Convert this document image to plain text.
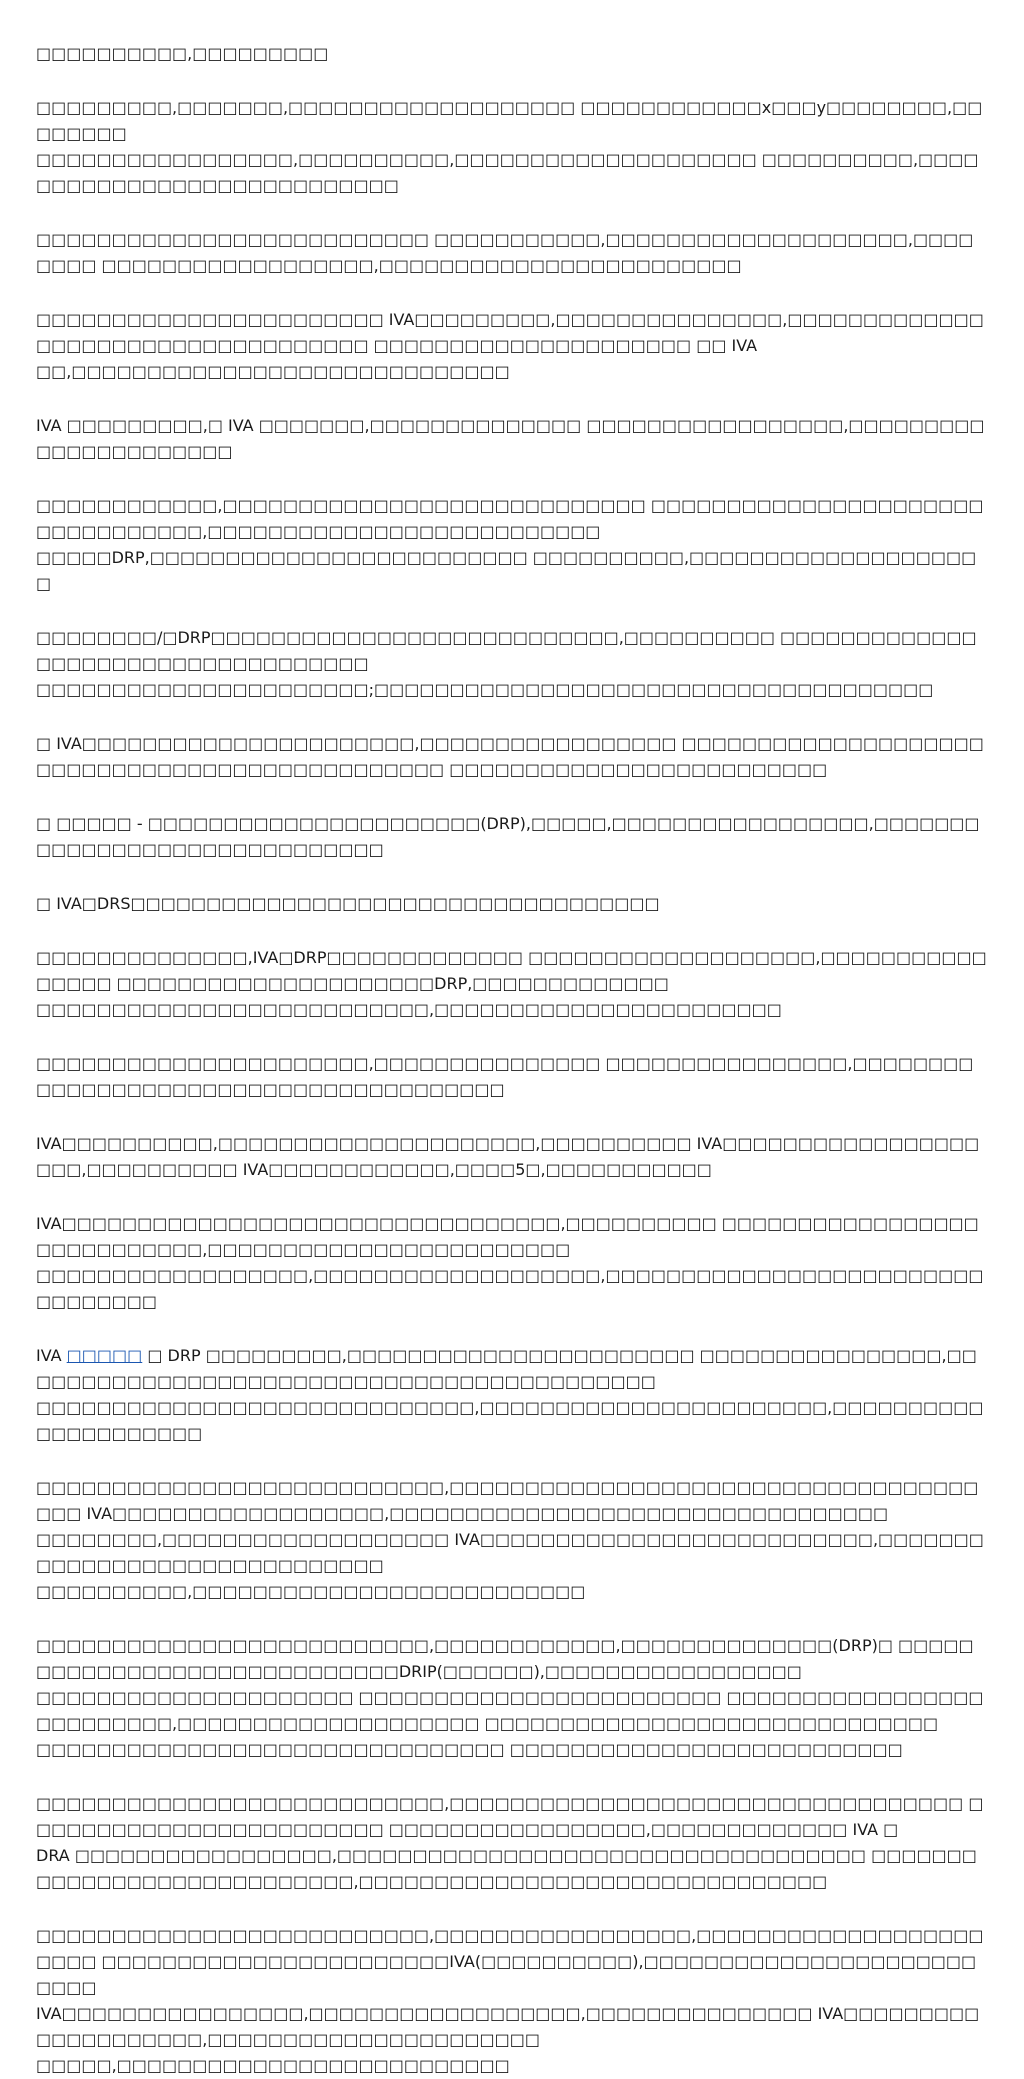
□□□□□□□□□□,□□□□□□□□□

□□□□□□□□□,□□□□□□□,□□□□□□□□□□□□□□□□□□□ □□□□□□□□□□□□x□□□y□□□□□□□□,□□□□□□□□
□□□□□□□□□□□□□□□□□,□□□□□□□□□□,□□□□□□□□□□□□□□□□□□□□ □□□□□□□□□□,□□□□□□□□□□□□□□□□□□□□□□□□□□□□

□□□□□□□□□□□□□□□□□□□□□□□□□□ □□□□□□□□□□□,□□□□□□□□□□□□□□□□□□□□,□□□□□□□□ □□□□□□□□□□□□□□□□□□,□□□□□□□□□□□□□□□□□□□□□□□□

□□□□□□□□□□□□□□□□□□□□□□□ IVA□□□□□□□□□,□□□□□□□□□□□□□□□,□□□□□□□□□□□□□□□□□□□□□□□□□□□□□□□□□□□ □□□□□□□□□□□□□□□□□□□□□ □□ IVA
□□,□□□□□□□□□□□□□□□□□□□□□□□□□□□□□

IVA □□□□□□□□□,□ IVA □□□□□□□,□□□□□□□□□□□□□□ □□□□□□□□□□□□□□□□□,□□□□□□□□□□□□□□□□□□□□□□

□□□□□□□□□□□□,□□□□□□□□□□□□□□□□□□□□□□□□□□□□ □□□□□□□□□□□□□□□□□□□□□□□□□□□□□□□□□,□□□□□□□□□□□□□□□□□□□□□□□□□□
□□□□□DRP,□□□□□□□□□□□□□□□□□□□□□□□□□ □□□□□□□□□□,□□□□□□□□□□□□□□□□□□□□

□□□□□□□□/□DRP□□□□□□□□□□□□□□□□□□□□□□□□□□□,□□□□□□□□□□ □□□□□□□□□□□□□□□□□□□□□□□□□□□□□□□□□□□
□□□□□□□□□□□□□□□□□□□□□□;□□□□□□□□□□□□□□□□□□□□□□□□□□□□□□□□□□□□□

□ IVA□□□□□□□□□□□□□□□□□□□□□□,□□□□□□□□□□□□□□□□□ □□□□□□□□□□□□□□□□□□□□□□□□□□□□□□□□□□□□□□□□□□□□□□□ □□□□□□□□□□□□□□□□□□□□□□□□□

□ □□□□□ - □□□□□□□□□□□□□□□□□□□□□□(DRP),□□□□□,□□□□□□□□□□□□□□□□□,□□□□□□□□□□□□□□□□□□□□□□□□□□□□□□

□ IVA□DRS□□□□□□□□□□□□□□□□□□□□□□□□□□□□□□□□□□□

□□□□□□□□□□□□□□,IVA□DRP□□□□□□□□□□□□□ □□□□□□□□□□□□□□□□□□□,□□□□□□□□□□□□□□□□ □□□□□□□□□□□□□□□□□□□□□DRP,□□□□□□□□□□□□□
□□□□□□□□□□□□□□□□□□□□□□□□□□,□□□□□□□□□□□□□□□□□□□□□□□

□□□□□□□□□□□□□□□□□□□□□□,□□□□□□□□□□□□□□□ □□□□□□□□□□□□□□□□,□□□□□□□□□□□□□□□□□□□□□□□□□□□□□□□□□□□□□□□

IVA□□□□□□□□□□,□□□□□□□□□□□□□□□□□□□□□,□□□□□□□□□□ IVA□□□□□□□□□□□□□□□□□□□□,□□□□□□□□□□ IVA□□□□□□□□□□□□,□□□□5□,□□□□□□□□□□□

IVA□□□□□□□□□□□□□□□□□□□□□□□□□□□□□□□□□,□□□□□□□□□□ □□□□□□□□□□□□□□□□□□□□□□□□□□□□,□□□□□□□□□□□□□□□□□□□□□□□□
□□□□□□□□□□□□□□□□□□,□□□□□□□□□□□□□□□□□□□,□□□□□□□□□□□□□□□□□□□□□□□□□□□□□□□□□

IVA □□□□□ □ DRP □□□□□□□□□,□□□□□□□□□□□□□□□□□□□□□□□ □□□□□□□□□□□□□□□□,□□□□□□□□□□□□□□□□□□□□□□□□□□□□□□□□□□□□□□□□□□□
□□□□□□□□□□□□□□□□□□□□□□□□□□□□□,□□□□□□□□□□□□□□□□□□□□□□□,□□□□□□□□□□□□□□□□□□□□□

□□□□□□□□□□□□□□□□□□□□□□□□□□□,□□□□□□□□□□□□□□□□□□□□□□□□□□□□□□□□□□□□□□ IVA□□□□□□□□□□□□□□□□□□,□□□□□□□□□□□□□□□□□□□□□□□□□□□□□□□□□
□□□□□□□□,□□□□□□□□□□□□□□□□□□□ IVA□□□□□□□□□□□□□□□□□□□□□□□□□□,□□□□□□□□□□□□□□□□□□□□□□□□□□□□□□
□□□□□□□□□□,□□□□□□□□□□□□□□□□□□□□□□□□□□

□□□□□□□□□□□□□□□□□□□□□□□□□□,□□□□□□□□□□□□,□□□□□□□□□□□□□□(DRP)□ □□□□□□□□□□□□□□□□□□□□□□□□□□□□□DRIP(□□□□□□),□□□□□□□□□□□□□□□□□
□□□□□□□□□□□□□□□□□□□□□ □□□□□□□□□□□□□□□□□□□□□□□□ □□□□□□□□□□□□□□□□□□□□□□□□□□,□□□□□□□□□□□□□□□□□□□□ □□□□□□□□□□□□□□□□□□□□□□□□□□□□□□
□□□□□□□□□□□□□□□□□□□□□□□□□□□□□□□ □□□□□□□□□□□□□□□□□□□□□□□□□□

□□□□□□□□□□□□□□□□□□□□□□□□□□□,□□□□□□□□□□□□□□□□□□□□□□□□□□□□□□□□□□ □□□□□□□□□□□□□□□□□□□□□□□□ □□□□□□□□□□□□□□□□□,□□□□□□□□□□□□□ IVA □
DRA □□□□□□□□□□□□□□□□□,□□□□□□□□□□□□□□□□□□□□□□□□□□□□□□□□□□□ □□□□□□□□□□□□□□□□□□□□□□□□□□□□,□□□□□□□□□□□□□□□□□□□□□□□□□□□□□□□

□□□□□□□□□□□□□□□□□□□□□□□□□□,□□□□□□□□□□□□□□□□□,□□□□□□□□□□□□□□□□□□□□□□□ □□□□□□□□□□□□□□□□□□□□□□□IVA(□□□□□□□□□□),□□□□□□□□□□□□□□□□□□□□□□□□□□
IVA□□□□□□□□□□□□□□□□,□□□□□□□□□□□□□□□□□□,□□□□□□□□□□□□□□□ IVA□□□□□□□□□□□□□□□□□□□□,□□□□□□□□□□□□□□□□□□□□□□
□□□□□,□□□□□□□□□□□□□□□□□□□□□□□□□□
